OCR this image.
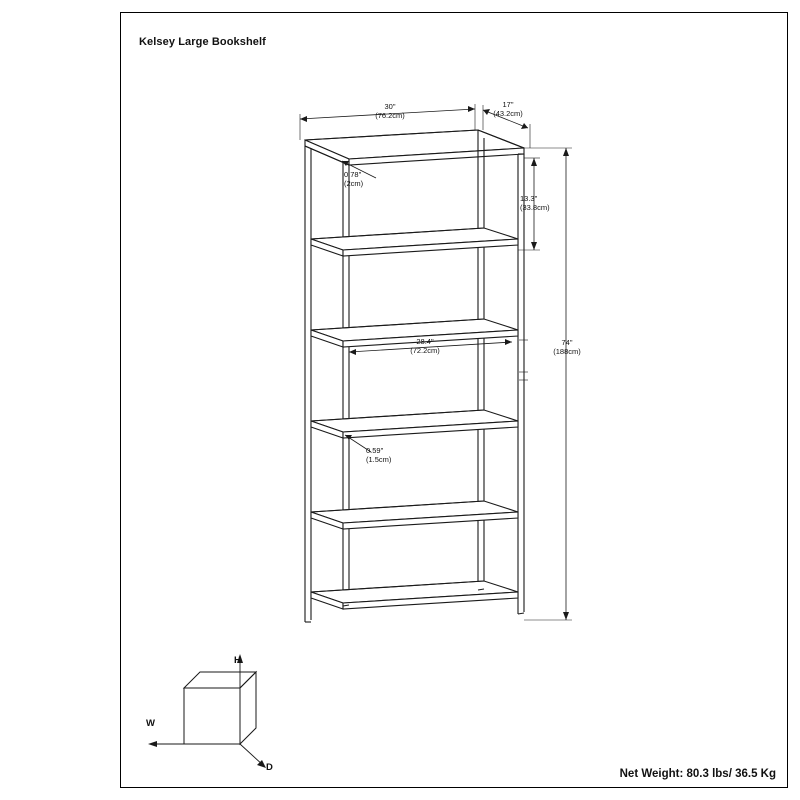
Kelsey Large Bookshelf
30"
(76.2cm)
17"
(43.2cm)
74"
(188cm)
13.3"
(33.8cm)
28.4"
(72.2cm)
0.78"
(2cm)
0.59"
(1.5cm)
H
W
D
Net Weight: 80.3 lbs/ 36.5 Kg
